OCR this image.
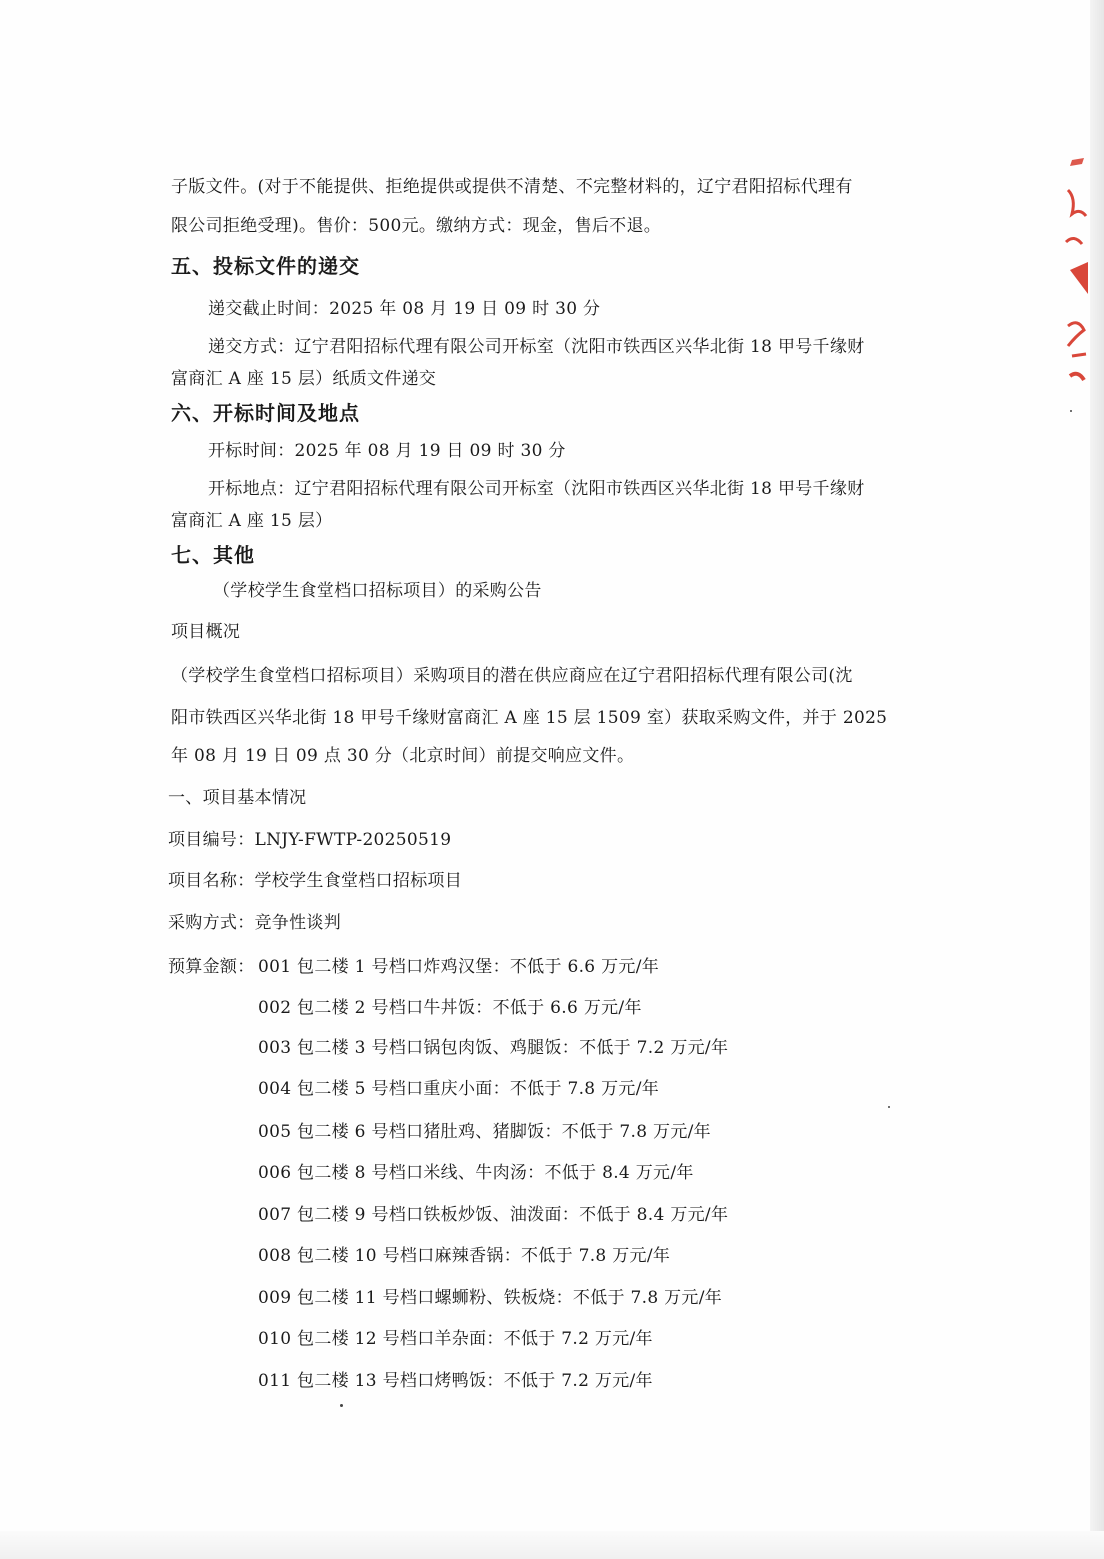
子版文件。(对于不能提供、拒绝提供或提供不清楚、不完整材料的，辽宁君阳招标代理有
限公司拒绝受理)。售价：500元。缴纳方式：现金，售后不退。
五、投标文件的递交
递交截止时间：2025 年 08 月 19 日 09 时 30 分
递交方式：辽宁君阳招标代理有限公司开标室（沈阳市铁西区兴华北街 18 甲号千缘财
富商汇 A 座 15 层）纸质文件递交
六、开标时间及地点
开标时间：2025 年 08 月 19 日 09 时 30 分
开标地点：辽宁君阳招标代理有限公司开标室（沈阳市铁西区兴华北街 18 甲号千缘财
富商汇 A 座 15 层）
七、其他
（学校学生食堂档口招标项目）的采购公告
项目概况
（学校学生食堂档口招标项目）采购项目的潜在供应商应在辽宁君阳招标代理有限公司(沈
阳市铁西区兴华北街 18 甲号千缘财富商汇 A 座 15 层 1509 室）获取采购文件，并于 2025
年 08 月 19 日 09 点 30 分（北京时间）前提交响应文件。
一、项目基本情况
项目编号：LNJY-FWTP-20250519
项目名称：学校学生食堂档口招标项目
采购方式：竞争性谈判
预算金额： 001 包二楼 1 号档口炸鸡汉堡：不低于 6.6 万元/年
002 包二楼 2 号档口牛丼饭：不低于 6.6 万元/年
003 包二楼 3 号档口锅包肉饭、鸡腿饭：不低于 7.2 万元/年
004 包二楼 5 号档口重庆小面：不低于 7.8 万元/年
005 包二楼 6 号档口猪肚鸡、猪脚饭：不低于 7.8 万元/年
006 包二楼 8 号档口米线、牛肉汤：不低于 8.4 万元/年
007 包二楼 9 号档口铁板炒饭、油泼面：不低于 8.4 万元/年
008 包二楼 10 号档口麻辣香锅：不低于 7.8 万元/年
009 包二楼 11 号档口螺蛳粉、铁板烧：不低于 7.8 万元/年
010 包二楼 12 号档口羊杂面：不低于 7.2 万元/年
011 包二楼 13 号档口烤鸭饭：不低于 7.2 万元/年
